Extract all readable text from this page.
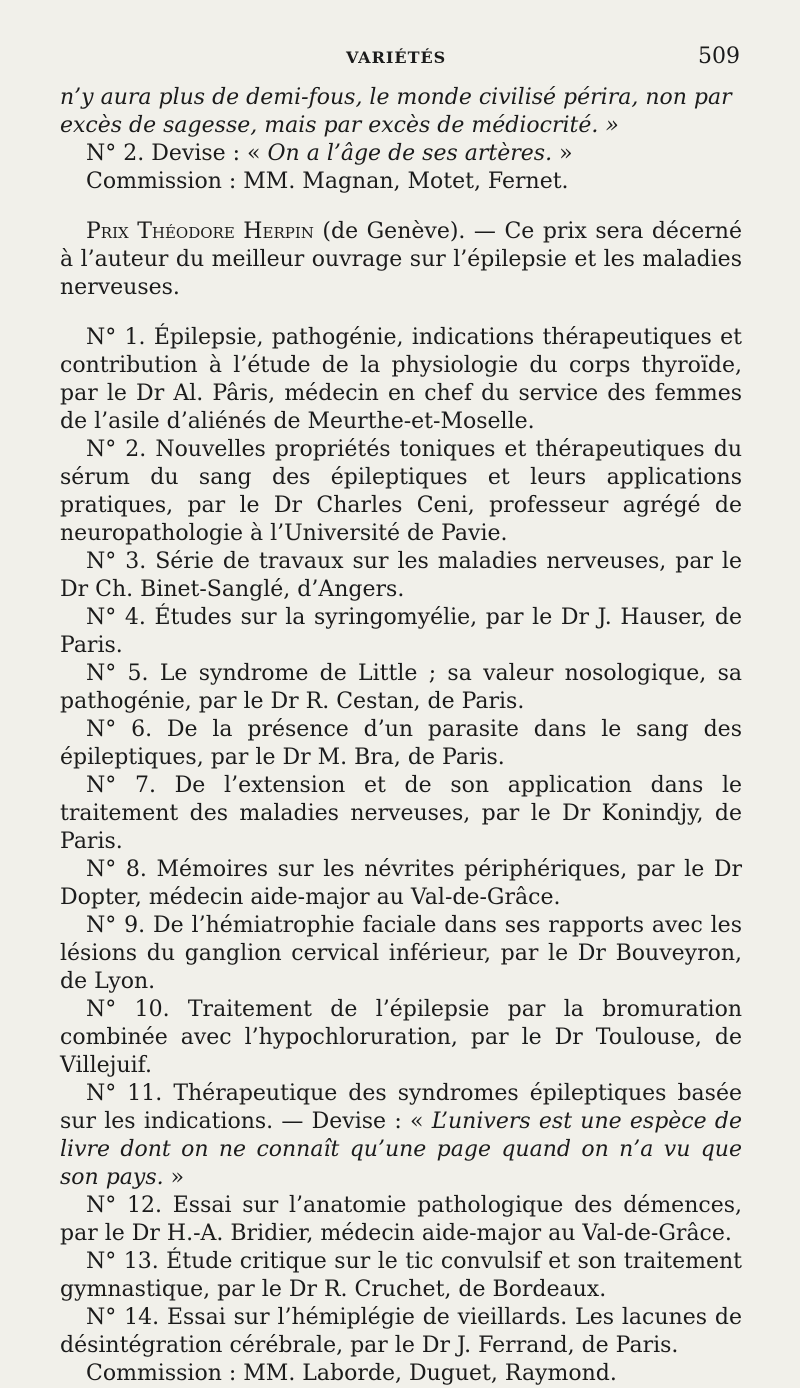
VARIÉTÉS	509

n’y aura plus de demi-fous, le monde civilisé périra, non par

excès de sagesse, mais par excès de médiocrité. »

N° 2. Devise : « On a l’âge de ses artères. »

Commission : MM. Magnan, Motet, Fernet.

Prix Théodore Herpin (de Genève). — Ce prix sera décerné à l’auteur du meilleur ouvrage sur l’épilepsie et les maladies nerveuses.

N° 1. Épilepsie, pathogénie, indications thérapeutiques et contribution à l’étude de la physiologie du corps thyroïde, par le Dr Al. Pâris, médecin en chef du service des femmes de l’asile d’aliénés de Meurthe-et-Moselle.

N° 2. Nouvelles propriétés toniques et thérapeutiques du sérum du sang des épileptiques et leurs applications pratiques, par le Dr Charles Ceni, professeur agrégé de neuropathologie à l’Université de Pavie.

N° 3. Série de travaux sur les maladies nerveuses, par le Dr Ch. Binet-Sanglé, d’Angers.

N° 4. Études sur la syringomyélie, par le Dr J. Hauser, de Paris.

N° 5. Le syndrome de Little ; sa valeur nosologique, sa pathogénie, par le Dr R. Cestan, de Paris.

N° 6. De la présence d’un parasite dans le sang des épileptiques, par le Dr M. Bra, de Paris.

N° 7. De l’extension et de son application dans le traitement des maladies nerveuses, par le Dr Konindjy, de Paris.

N° 8. Mémoires sur les névrites périphériques, par le Dr Dopter, médecin aide-major au Val-de-Grâce.

N° 9. De l’hémiatrophie faciale dans ses rapports avec les lésions du ganglion cervical inférieur, par le Dr Bouveyron, de Lyon.

N° 10. Traitement de l’épilepsie par la bromuration combinée avec l’hypochloruration, par le Dr Toulouse, de Villejuif.

N° 11. Thérapeutique des syndromes épileptiques basée sur les indications. — Devise : « L’univers est une espèce de livre dont on ne connaît qu’une page quand on n’a vu que son pays. »

N° 12. Essai sur l’anatomie pathologique des démences, par le Dr H.-A. Bridier, médecin aide-major au Val-de-Grâce.

N° 13. Étude critique sur le tic convulsif et son traitement gymnastique, par le Dr R. Cruchet, de Bordeaux.

N° 14. Essai sur l’hémiplégie de vieillards. Les lacunes de désintégration cérébrale, par le Dr J. Ferrand, de Paris.

Commission : MM. Laborde, Duguet, Raymond.
